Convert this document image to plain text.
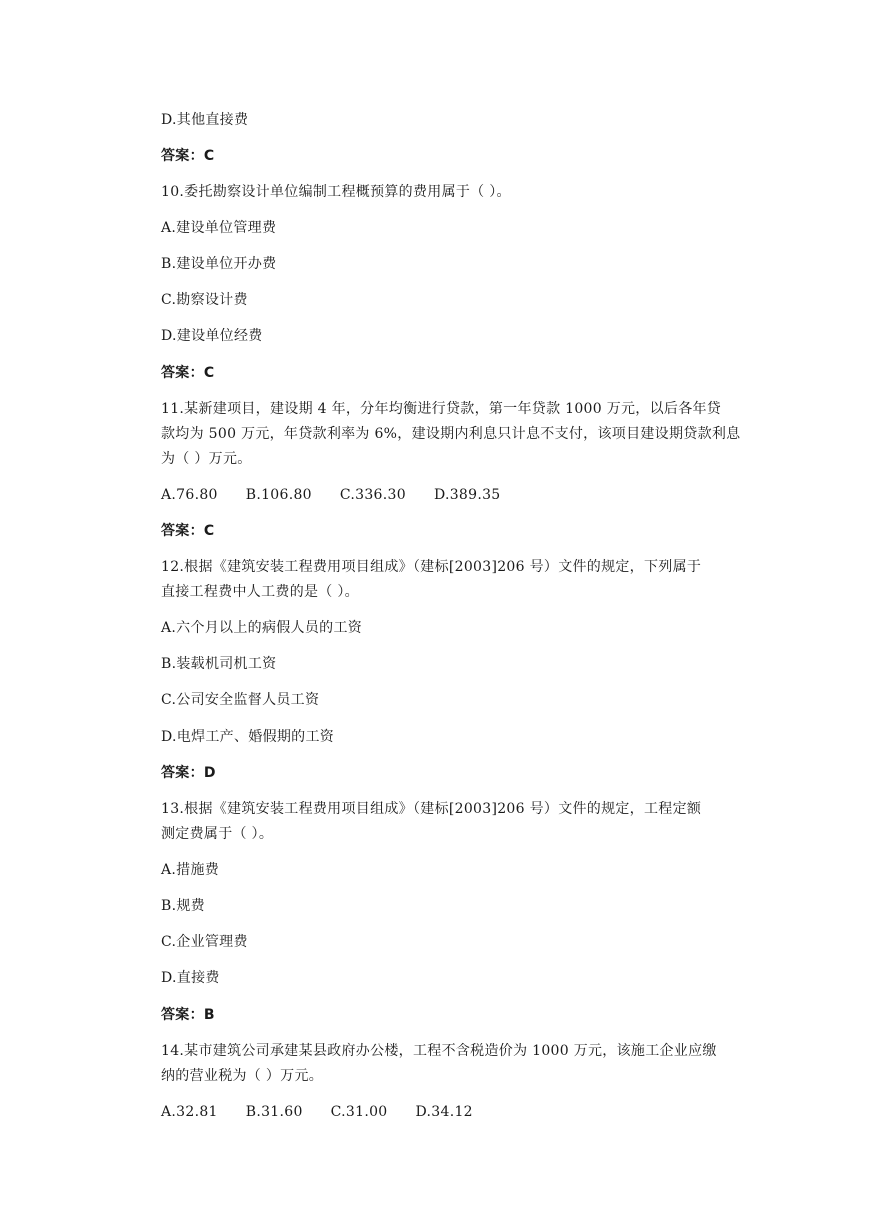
D.其他直接费
答案：C
10.委托勘察设计单位编制工程概预算的费用属于（ ）。
A.建设单位管理费
B.建设单位开办费
C.勘察设计费
D.建设单位经费
答案：C
11.某新建项目，建设期 4 年，分年均衡进行贷款，第一年贷款 1000 万元，以后各年贷
款均为 500 万元，年贷款利率为 6%，建设期内利息只计息不支付，该项目建设期贷款利息
为（ ）万元。
A.76.80 B.106.80 C.336.30 D.389.35
答案：C
12.根据《建筑安装工程费用项目组成》（建标[2003]206 号）文件的规定，下列属于
直接工程费中人工费的是（ ）。
A.六个月以上的病假人员的工资
B.装载机司机工资
C.公司安全监督人员工资
D.电焊工产、婚假期的工资
答案：D
13.根据《建筑安装工程费用项目组成》（建标[2003]206 号）文件的规定，工程定额
测定费属于（ ）。
A.措施费
B.规费
C.企业管理费
D.直接费
答案：B
14.某市建筑公司承建某县政府办公楼，工程不含税造价为 1000 万元，该施工企业应缴
纳的营业税为（ ）万元。
A.32.81 B.31.60 C.31.00 D.34.12
